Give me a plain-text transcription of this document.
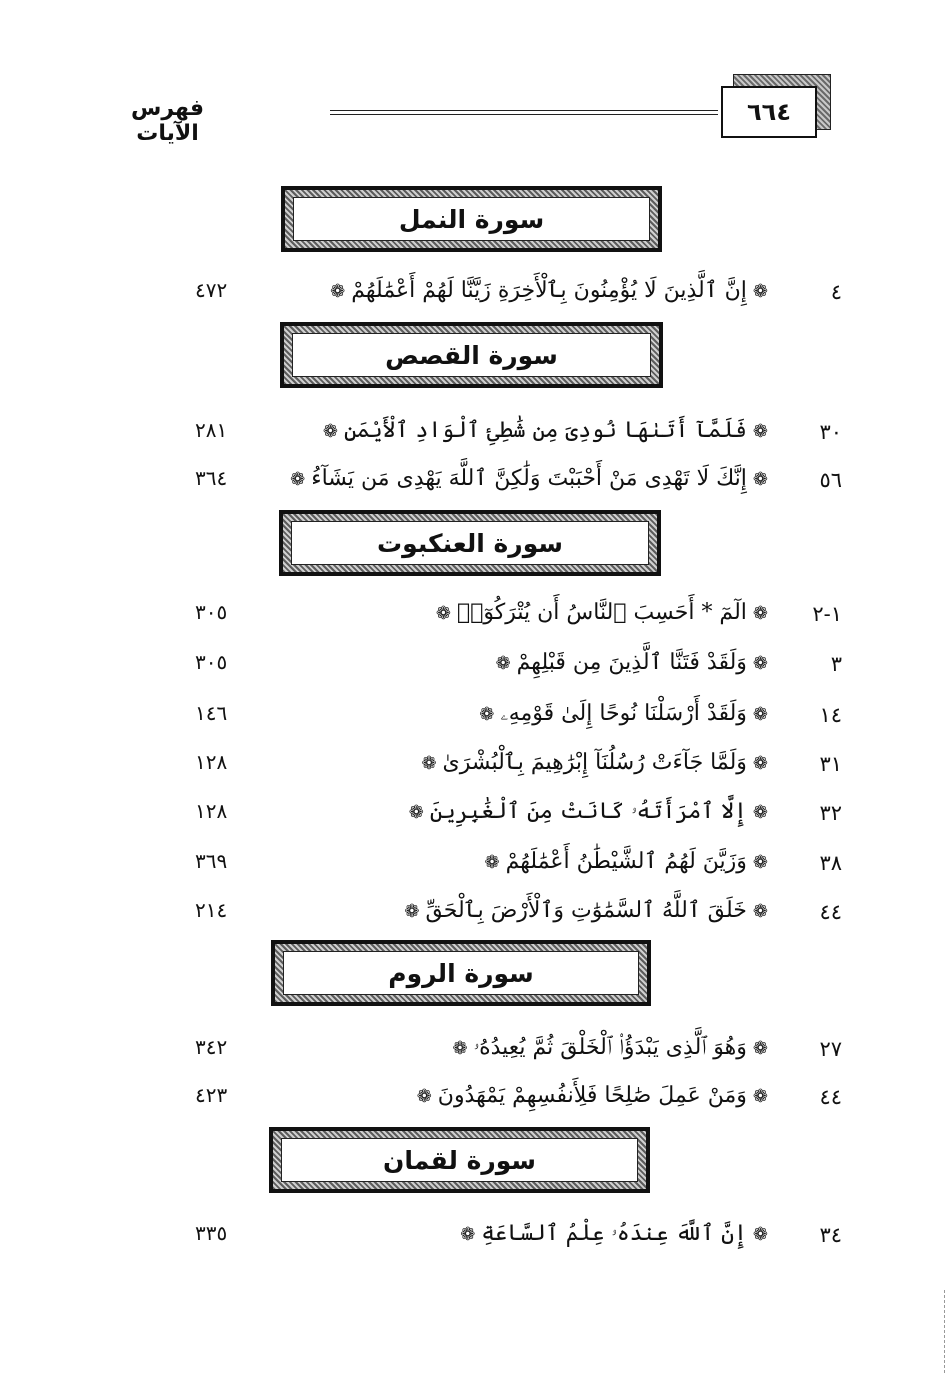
فهرس الآيات
٦٦٤
سورة النمل
٤
❁إِنَّ ٱلَّذِينَ لَا يُؤْمِنُونَ بِٱلْأَخِرَةِ زَيَّنَّا لَهُمْ أَعْمَٰلَهُمْ❁
٤٧٢
سورة القصص
٣٠
❁فَلَمَّآ أَتَىٰهَا نُودِىَ مِن شَٰطِئِ ٱلْوَادِ ٱلْأَيْمَنِ❁
٢٨١
٥٦
❁إِنَّكَ لَا تَهْدِى مَنْ أَحْبَبْتَ وَلَٰكِنَّ ٱللَّهَ يَهْدِى مَن يَشَآءُ❁
٣٦٤
سورة العنكبوت
١-٢
❁الٓمٓ * أَحَسِبَ ٱلنَّاسُ أَن يُتْرَكُوٓا۟❁
٣٠٥
٣
❁وَلَقَدْ فَتَنَّا ٱلَّذِينَ مِن قَبْلِهِمْ❁
٣٠٥
١٤
❁وَلَقَدْ أَرْسَلْنَا نُوحًا إِلَىٰ قَوْمِهِۦ❁
١٤٦
٣١
❁وَلَمَّا جَآءَتْ رُسُلُنَآ إِبْرَٰهِيمَ بِٱلْبُشْرَىٰ❁
١٢٨
٣٢
❁إِلَّا ٱمْرَأَتَهُۥ كَانَتْ مِنَ ٱلْغَٰبِرِينَ❁
١٢٨
٣٨
❁وَزَيَّنَ لَهُمُ ٱلشَّيْطَٰنُ أَعْمَٰلَهُمْ❁
٣٦٩
٤٤
❁خَلَقَ ٱللَّهُ ٱلسَّمَٰوَٰتِ وَٱلْأَرْضَ بِٱلْحَقِّ❁
٢١٤
سورة الروم
٢٧
❁وَهُوَ ٱلَّذِى يَبْدَؤُا۟ ٱلْخَلْقَ ثُمَّ يُعِيدُهُۥ❁
٣٤٢
٤٤
❁وَمَنْ عَمِلَ صَٰلِحًا فَلِأَنفُسِهِمْ يَمْهَدُونَ❁
٤٢٣
سورة لقمان
٣٤
❁إِنَّ ٱللَّهَ عِندَهُۥ عِلْمُ ٱلسَّاعَةِ❁
٣٣٥
